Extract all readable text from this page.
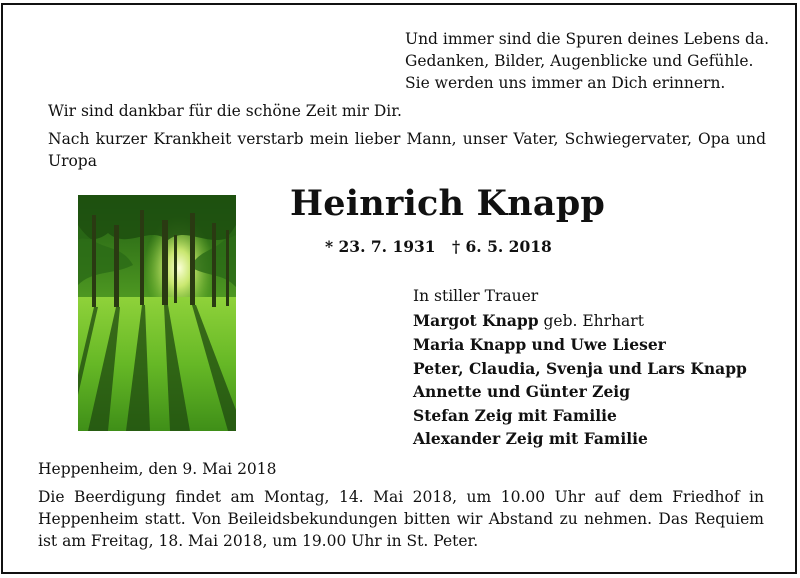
Und immer sind die Spuren deines Lebens da.
Gedanken, Bilder, Augenblicke und Gefühle.
Sie werden uns immer an Dich erinnern.
Wir sind dankbar für die schöne Zeit mir Dir.
Nach kurzer Krankheit verstarb mein lieber Mann, unser Vater, Schwiegervater, Opa und Uropa
Heinrich Knapp
* 23. 7. 1931 † 6. 5. 2018
In stiller Trauer
Margot Knapp geb. Ehrhart
Maria Knapp und Uwe Lieser
Peter, Claudia, Svenja und Lars Knapp
Annette und Günter Zeig
Stefan Zeig mit Familie
Alexander Zeig mit Familie
Heppenheim, den 9. Mai 2018
Die Beerdigung findet am Montag, 14. Mai 2018, um 10.00 Uhr auf dem Friedhof in Heppenheim statt. Von Beileidsbekundungen bitten wir Abstand zu nehmen. Das Requiem ist am Freitag, 18. Mai 2018, um 19.00 Uhr in St. Peter.
